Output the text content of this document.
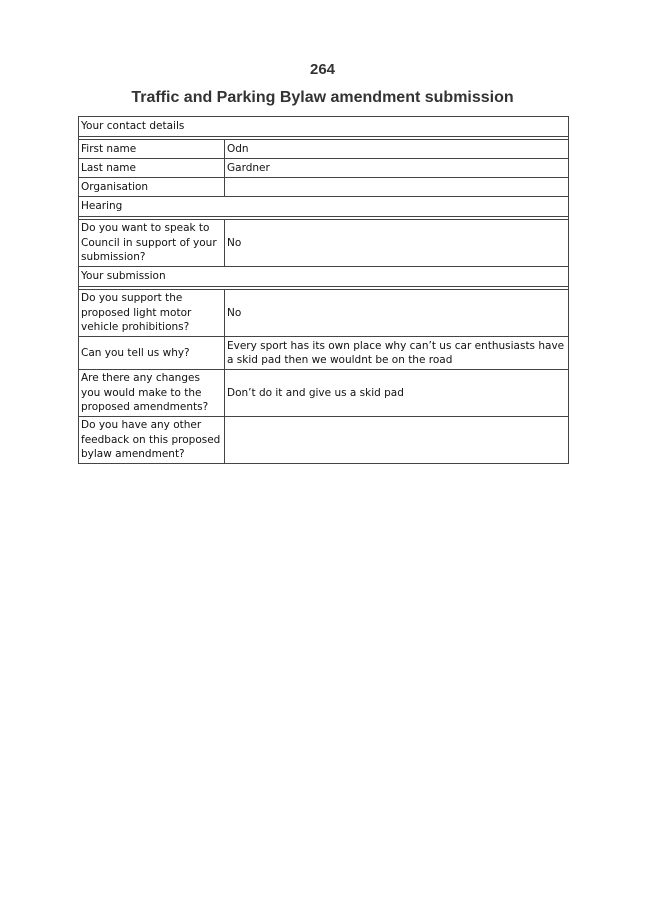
264
Traffic and Parking Bylaw amendment submission
Your contact details	

First name	Odn
Last name	Gardner
Organisation	
Hearing	

Do you want to speak to Council in support of your submission?	No
Your submission	

Do you support the proposed light motor vehicle prohibitions?	No
Can you tell us why?	Every sport has its own place why can’t us car enthusiasts have a skid pad then we wouldnt be on the road
Are there any changes you would make to the proposed amendments?	Don’t do it and give us a skid pad
Do you have any other feedback on this proposed bylaw amendment?	
